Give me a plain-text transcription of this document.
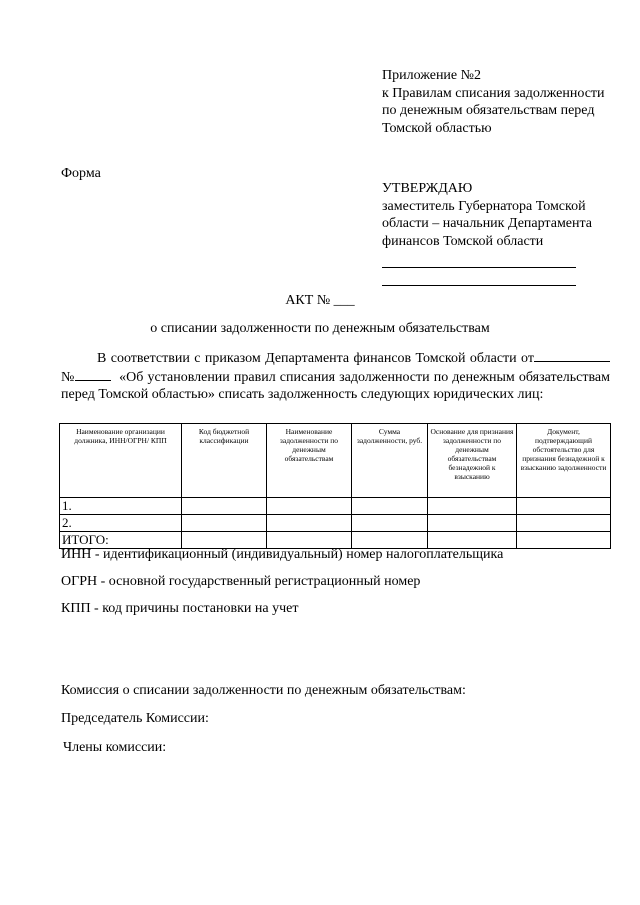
Приложение №2
к Правилам списания задолженности
по денежным обязательствам перед
Томской областью
Форма
УТВЕРЖДАЮ
заместитель Губернатора Томской
области – начальник Департамента
финансов Томской области
АКТ № ___
о списании задолженности по денежным обязательствам
В соответствии с приказом Департамента финансов Томской области от
№	«Об установлении правил списания задолженности по денежным обязательствам
перед Томской областью» списать задолженность следующих юридических лиц:
Наименование организации должника, ИНН/ОГРН/ КПП	Код бюджетной классификации	Наименование задолженности по денежным обязательствам	Сумма задолженности, руб.	Основание для признания задолженности по денежным обязательствам безнадежной к взысканию	Документ, подтверждающий обстоятельство для признания безнадежной к взысканию задолженности
1.					
2.					
ИТОГО:					
ИНН - идентификационный (индивидуальный) номер налогоплательщика
ОГРН - основной государственный регистрационный номер
КПП - код причины постановки на учет
Комиссия о списании задолженности по денежным обязательствам:
Председатель Комиссии:
Члены комиссии:
